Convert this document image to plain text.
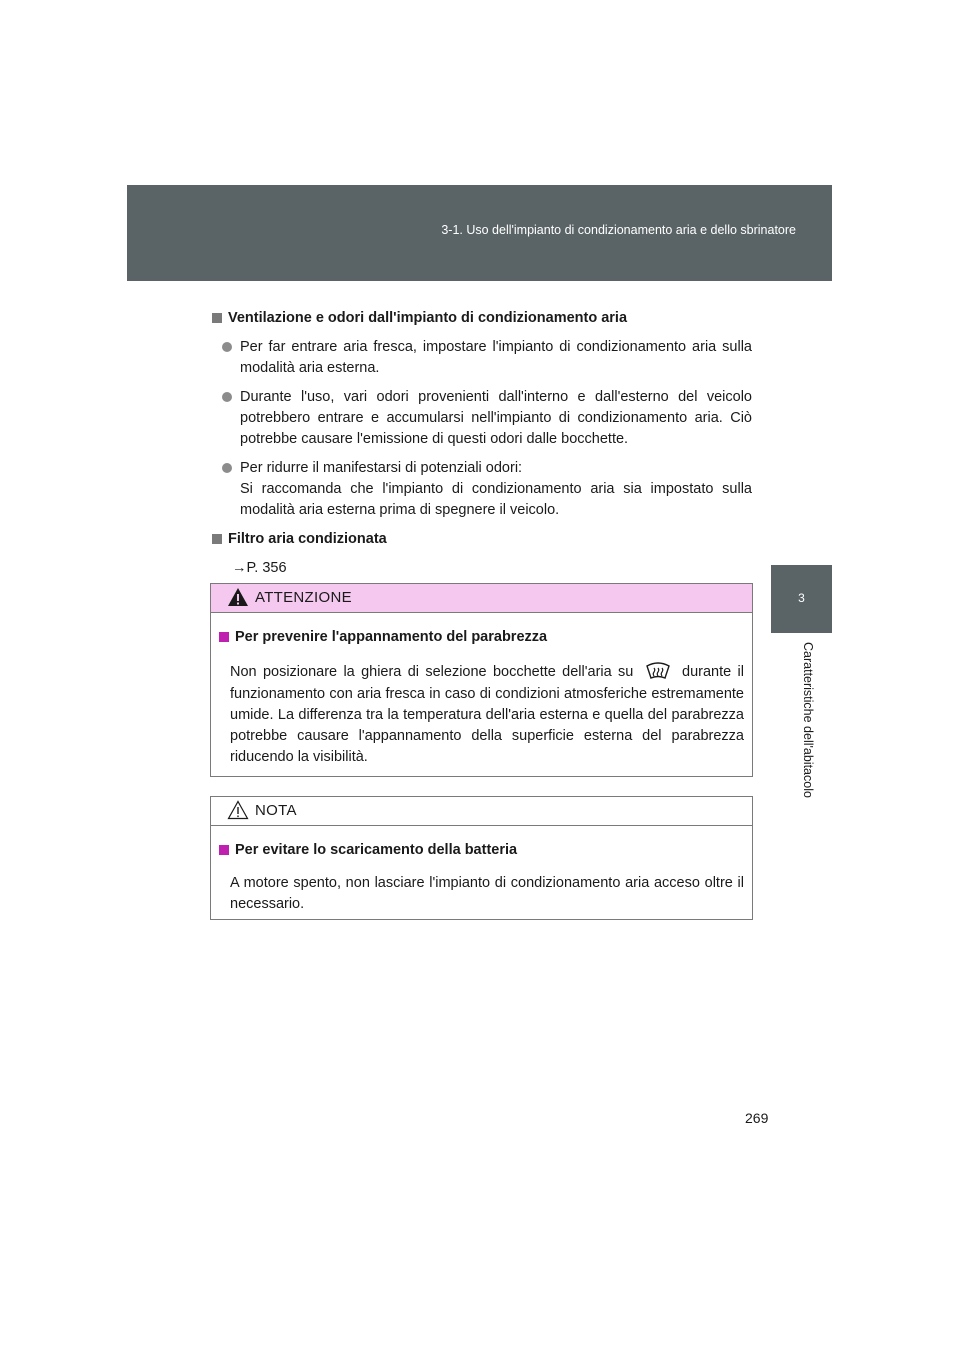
3-1. Uso dell'impianto di condizionamento aria e dello sbrinatore
3
Caratteristiche dell'abitacolo
Ventilazione e odori dall'impianto di condizionamento aria
Per far entrare aria fresca, impostare l'impianto di condizionamento aria sulla modalità aria esterna.
Durante l'uso, vari odori provenienti dall'interno e dall'esterno del veicolo potrebbero entrare e accumularsi nell'impianto di condizionamento aria. Ciò potrebbe causare l'emissione di questi odori dalle bocchette.
Per ridurre il manifestarsi di potenziali odori:
Si raccomanda che l'impianto di condizionamento aria sia impostato sulla modalità aria esterna prima di spegnere il veicolo.
Filtro aria condizionata
→P. 356
ATTENZIONE
Per prevenire l'appannamento del parabrezza
Non posizionare la ghiera di selezione bocchette dell'aria su	durante il funzionamento con aria fresca in caso di condizioni atmosferiche estremamente umide. La differenza tra la temperatura dell'aria esterna e quella del parabrezza potrebbe causare l'appannamento della superficie esterna del parabrezza riducendo la visibilità.
NOTA
Per evitare lo scaricamento della batteria
A motore spento, non lasciare l'impianto di condizionamento aria acceso oltre il necessario.
269
